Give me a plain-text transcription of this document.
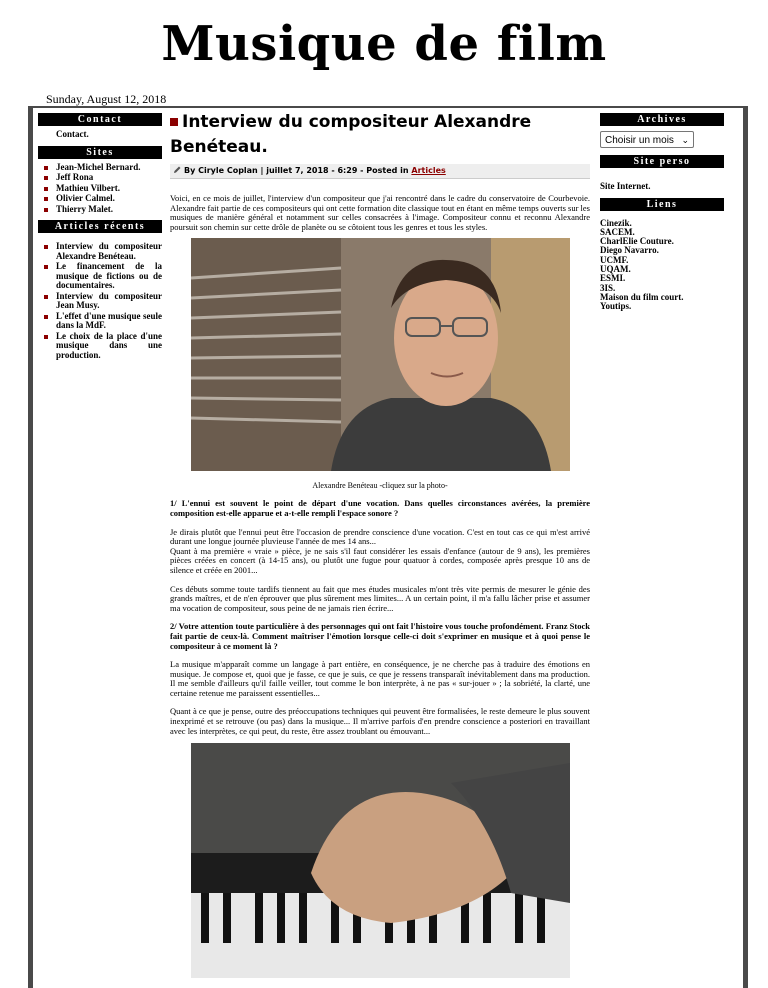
Musique de film
Sunday, August 12, 2018
Contact
Contact.
Sites
Jean-Michel Bernard.
Jeff Rona
Mathieu Vilbert.
Olivier Calmel.
Thierry Malet.
Articles récents
Interview du compositeur Alexandre Benéteau.
Le financement de la musique de fictions ou de documentaires.
Interview du compositeur Jean Musy.
L'effet d'une musique seule dans la MdF.
Le choix de la place d'une musique dans une production.
Archives
Choisir un mois ⌄
Site perso
Site Internet.
Liens
Cinezik.
SACEM.
CharlElie Couture.
Diego Navarro.
UCMF.
UQAM.
ESMI.
3IS.
Maison du film court.
Youtips.
Interview du compositeur Alexandre Benéteau.
By Ciryle Coplan | juillet 7, 2018 - 6:29 - Posted in Articles

Voici, en ce mois de juillet, l'interview d'un compositeur que j'ai rencontré dans le cadre du conservatoire de Courbevoie. Alexandre fait partie de ces compositeurs qui ont cette formation dite classique tout en étant en même temps ouverts sur les musiques de manière général et notamment sur celles consacrées à l'image. Compositeur connu et reconnu Alexandre poursuit son chemin sur cette drôle de planète ou se côtoient tous les genres et tous les styles.

Alexandre Benéteau -cliquez sur la photo-

1/ L'ennui est souvent le point de départ d'une vocation. Dans quelles circonstances avérées, la première composition est-elle apparue et a-t-elle rempli l'espace sonore ?

Je dirais plutôt que l'ennui peut être l'occasion de prendre conscience d'une vocation. C'est en tout cas ce qui m'est arrivé durant une longue journée pluvieuse l'année de mes 14 ans...
Quant à ma première « vraie » pièce, je ne sais s'il faut considérer les essais d'enfance (autour de 9 ans), les premières pièces créées en concert (à 14-15 ans), ou plutôt une fugue pour quatuor à cordes, composée après presque 10 ans de silence et créée en 2001...

Ces débuts somme toute tardifs tiennent au fait que mes études musicales m'ont très vite permis de mesurer le génie des grands maîtres, et de n'en éprouver que plus sûrement mes limites... A un certain point, il m'a fallu lâcher prise et assumer ma vocation de compositeur, sous peine de ne jamais rien écrire...

2/ Votre attention toute particulière à des personnages qui ont fait l'histoire vous touche profondément. Franz Stock fait partie de ceux-là. Comment maîtriser l'émotion lorsque celle-ci doit s'exprimer en musique et à quoi pense le compositeur à ce moment là ?

La musique m'apparaît comme un langage à part entière, en conséquence, je ne cherche pas à traduire des émotions en musique. Je compose et, quoi que je fasse, ce que je suis, ce que je ressens transparaît inévitablement dans ma production. Il me semble d'ailleurs qu'il faille veiller, tout comme le bon interprète, à ne pas « sur-jouer » ; la sobriété, la clarté, une certaine retenue me paraissent essentielles...

Quant à ce que je pense, outre des préoccupations techniques qui peuvent être formalisées, le reste demeure le plus souvent inexprimé et se retrouve (ou pas) dans la musique... Il m'arrive parfois d'en prendre conscience a posteriori en travaillant avec les interprètes, ce qui peut, du reste, être assez troublant ou émouvant...
